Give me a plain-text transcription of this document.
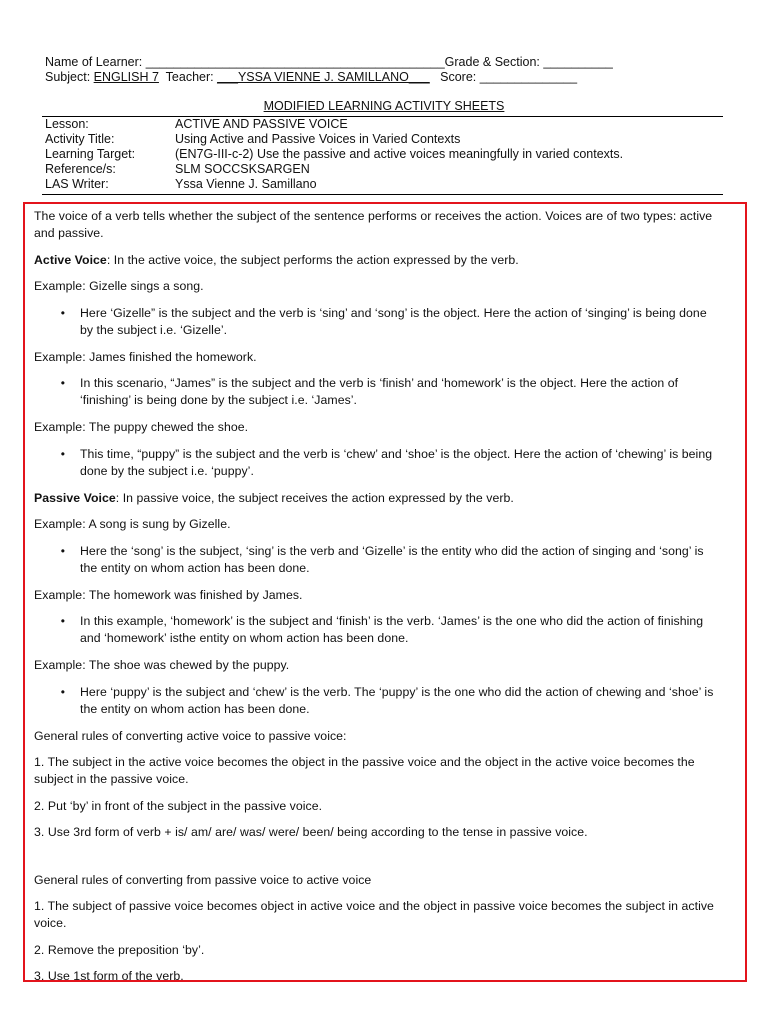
Name of Learner: ___________________________________________Grade & Section: __________
Subject: ENGLISH 7  Teacher: ___YSSA VIENNE J. SAMILLANO___   Score: ______________
MODIFIED LEARNING ACTIVITY SHEETS
Lesson:	ACTIVE AND PASSIVE VOICE
Activity Title:	Using Active and Passive Voices in Varied Contexts
Learning Target:	(EN7G-III-c-2) Use the passive and active voices meaningfully in varied contexts.
Reference/s:	SLM SOCCSKSARGEN
LAS Writer:	Yssa Vienne J. Samillano

The voice of a verb tells whether the subject of the sentence performs or receives the action. Voices are of two types: active and passive.

Active Voice: In the active voice, the subject performs the action expressed by the verb.

Example: Gizelle sings a song.

•	Here ‘Gizelle” is the subject and the verb is ‘sing’ and ‘song’ is the object. Here the action of ‘singing’ is being done by the subject i.e. ‘Gizelle’.

Example: James finished the homework.

•	In this scenario, “James” is the subject and the verb is ‘finish’ and ‘homework’ is the object. Here the action of ‘finishing’ is being done by the subject i.e. ‘James’.

Example: The puppy chewed the shoe.

•	This time, “puppy” is the subject and the verb is ‘chew’ and ‘shoe’ is the object. Here the action of ‘chewing’ is being done by the subject i.e. ‘puppy’.

Passive Voice: In passive voice, the subject receives the action expressed by the verb.

Example: A song is sung by Gizelle.

•	Here the ‘song’ is the subject, ‘sing’ is the verb and ‘Gizelle’ is the entity who did the action of singing and ‘song’ is the entity on whom action has been done.

Example: The homework was finished by James.

•	In this example, ‘homework’ is the subject and ‘finish’ is the verb. ‘James’ is the one who did the action of finishing and ‘homework’ isthe entity on whom action has been done.

Example: The shoe was chewed by the puppy.

•	Here ‘puppy’ is the subject and ‘chew’ is the verb. The ‘puppy’ is the one who did the action of chewing and ‘shoe’ is the entity on whom action has been done.

General rules of converting active voice to passive voice:

1. The subject in the active voice becomes the object in the passive voice and the object in the active voice becomes the subject in the passive voice.

2. Put ‘by’ in front of the subject in the passive voice.

3. Use 3rd form of verb + is/ am/ are/ was/ were/ been/ being according to the tense in passive voice.

General rules of converting from passive voice to active voice

1. The subject of passive voice becomes object in active voice and the object in passive voice becomes the subject in active voice.

2. Remove the preposition ‘by’.

3. Use 1st form of the verb.
